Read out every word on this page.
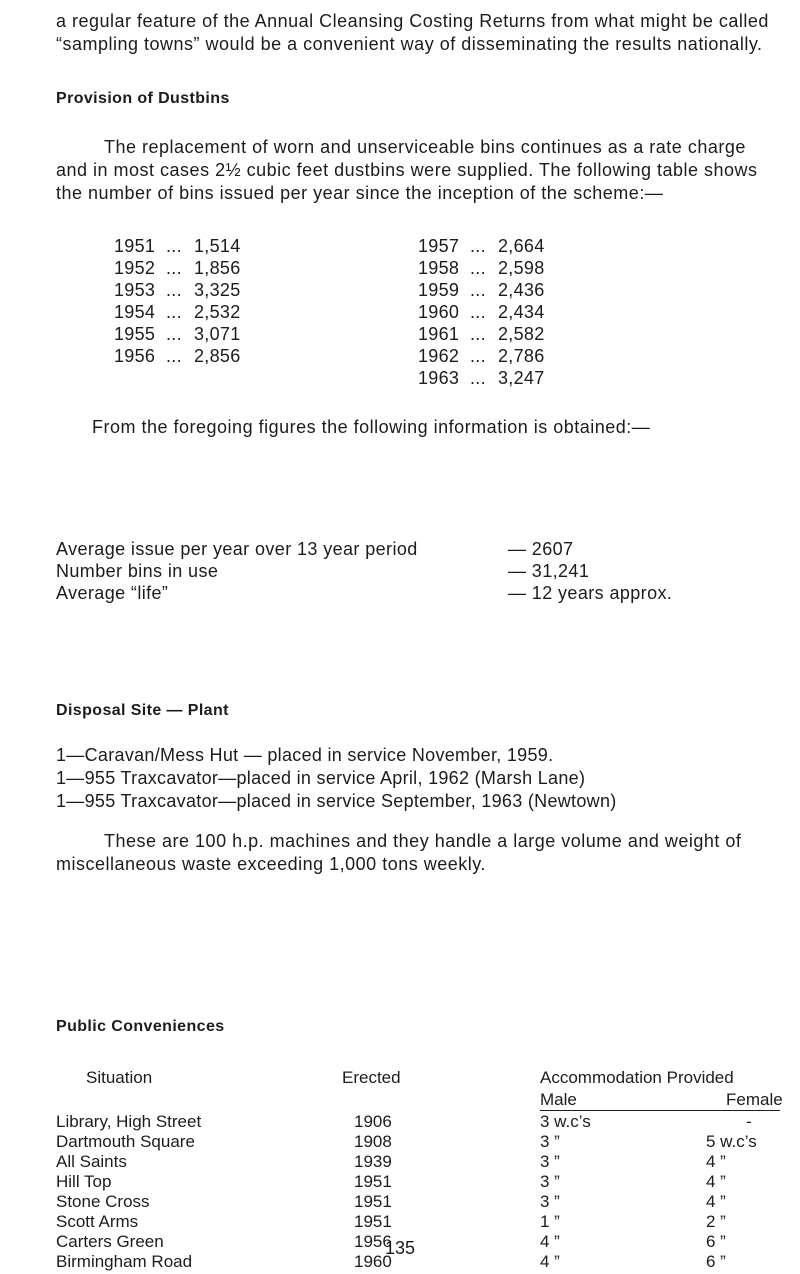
a regular feature of the Annual Cleansing Costing Returns from what might be called “sampling towns” would be a convenient way of disseminating the results nationally.

Provision of Dustbins

The replacement of worn and unserviceable bins continues as a rate charge and in most cases 2½ cubic feet dustbins were supplied. The following table shows the number of bins issued per year since the inception of the scheme:—

1951 ... 1,514
1952 ... 1,856
1953 ... 3,325
1954 ... 2,532
1955 ... 3,071
1956 ... 2,856
1957 ... 2,664
1958 ... 2,598
1959 ... 2,436
1960 ... 2,434
1961 ... 2,582
1962 ... 2,786
1963 ... 3,247

From the foregoing figures the following information is obtained:—

Average issue per year over 13 year period	— 2607
Number bins in use	— 31,241
Average “life”	— 12 years approx.
Disposal Site — Plant
1—Caravan/Mess Hut — placed in service November, 1959.
1—955 Traxcavator—placed in service April, 1962 (Marsh Lane)
1—955 Traxcavator—placed in service September, 1963 (Newtown)

These are 100 h.p. machines and they handle a large volume and weight of miscellaneous waste exceeding 1,000 tons weekly.

Public Conveniences
Situation	Erected	Accommodation Provided
Male	Female
Library, High Street	1906	3 w.c’s	-
Dartmouth Square	1908	3 ”	5 w.c’s
All Saints	1939	3 ”	4 ”
Hill Top	1951	3 ”	4 ”
Stone Cross	1951	3 ”	4 ”
Scott Arms	1951	1 ”	2 ”
Carters Green	1956	4 ”	6 ”
Birmingham Road	1960	4 ”	6 ”
135
